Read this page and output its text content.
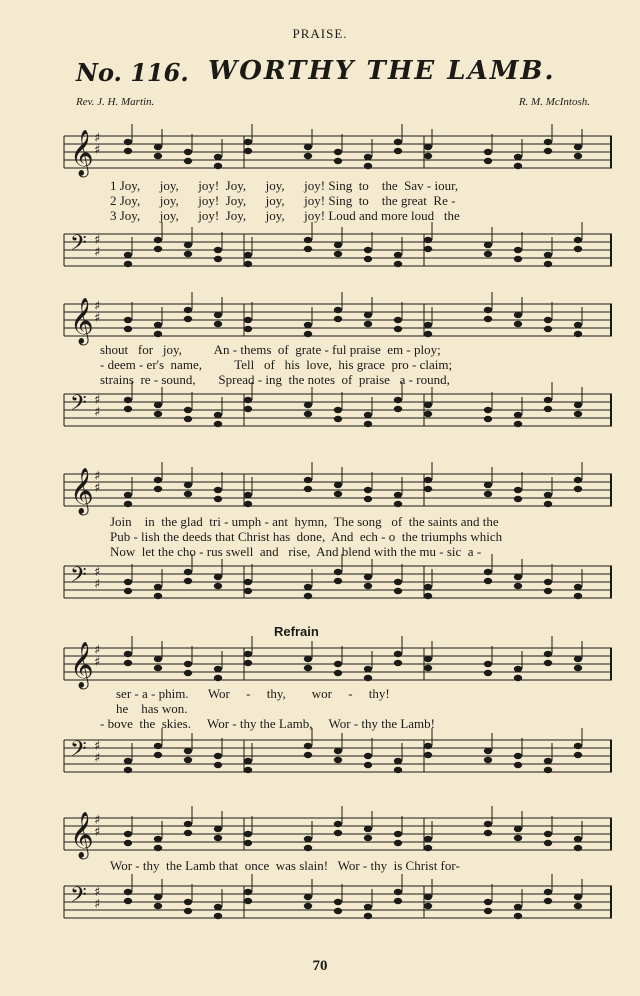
PRAISE.
No. 116. WORTHY THE LAMB.
Rev. J. H. Martin.	R. M. McIntosh.
𝄞 ♯
♯
1 Joy,      joy,      joy!  Joy,      joy,      joy! Sing  to    the  Sav - iour,
2 Joy,      joy,      joy!  Joy,      joy,      joy! Sing  to    the great  Re -
3 Joy,      joy,      joy!  Joy,      joy,      joy! Loud and more loud   the
𝄢 ♯
♯
𝄞 ♯
♯
shout   for   joy,          An - thems  of  grate - ful praise  em - ploy;
- deem - er's  name,          Tell   of   his  love,  his grace  pro - claim;
strains  re - sound,       Spread - ing  the notes  of  praise   a - round,
𝄢 ♯
♯
𝄞 ♯
♯
Join    in  the glad  tri - umph - ant  hymn,  The song   of  the saints and the
Pub - lish the deeds that Christ has  done,  And  ech - o  the triumphs which
Now  let the cho - rus swell  and   rise,  And blend with the mu - sic  a -
𝄢 ♯
♯
Refrain
𝄞 ♯
♯
ser - a - phim.      Wor     -     thy,        wor     -     thy!
he    has won.
- bove  the  skies.     Wor - thy the Lamb,     Wor - thy the Lamb!
𝄢 ♯
♯
𝄞 ♯
♯
Wor - thy  the Lamb that  once  was slain!   Wor - thy  is Christ for-
𝄢 ♯
♯
70
